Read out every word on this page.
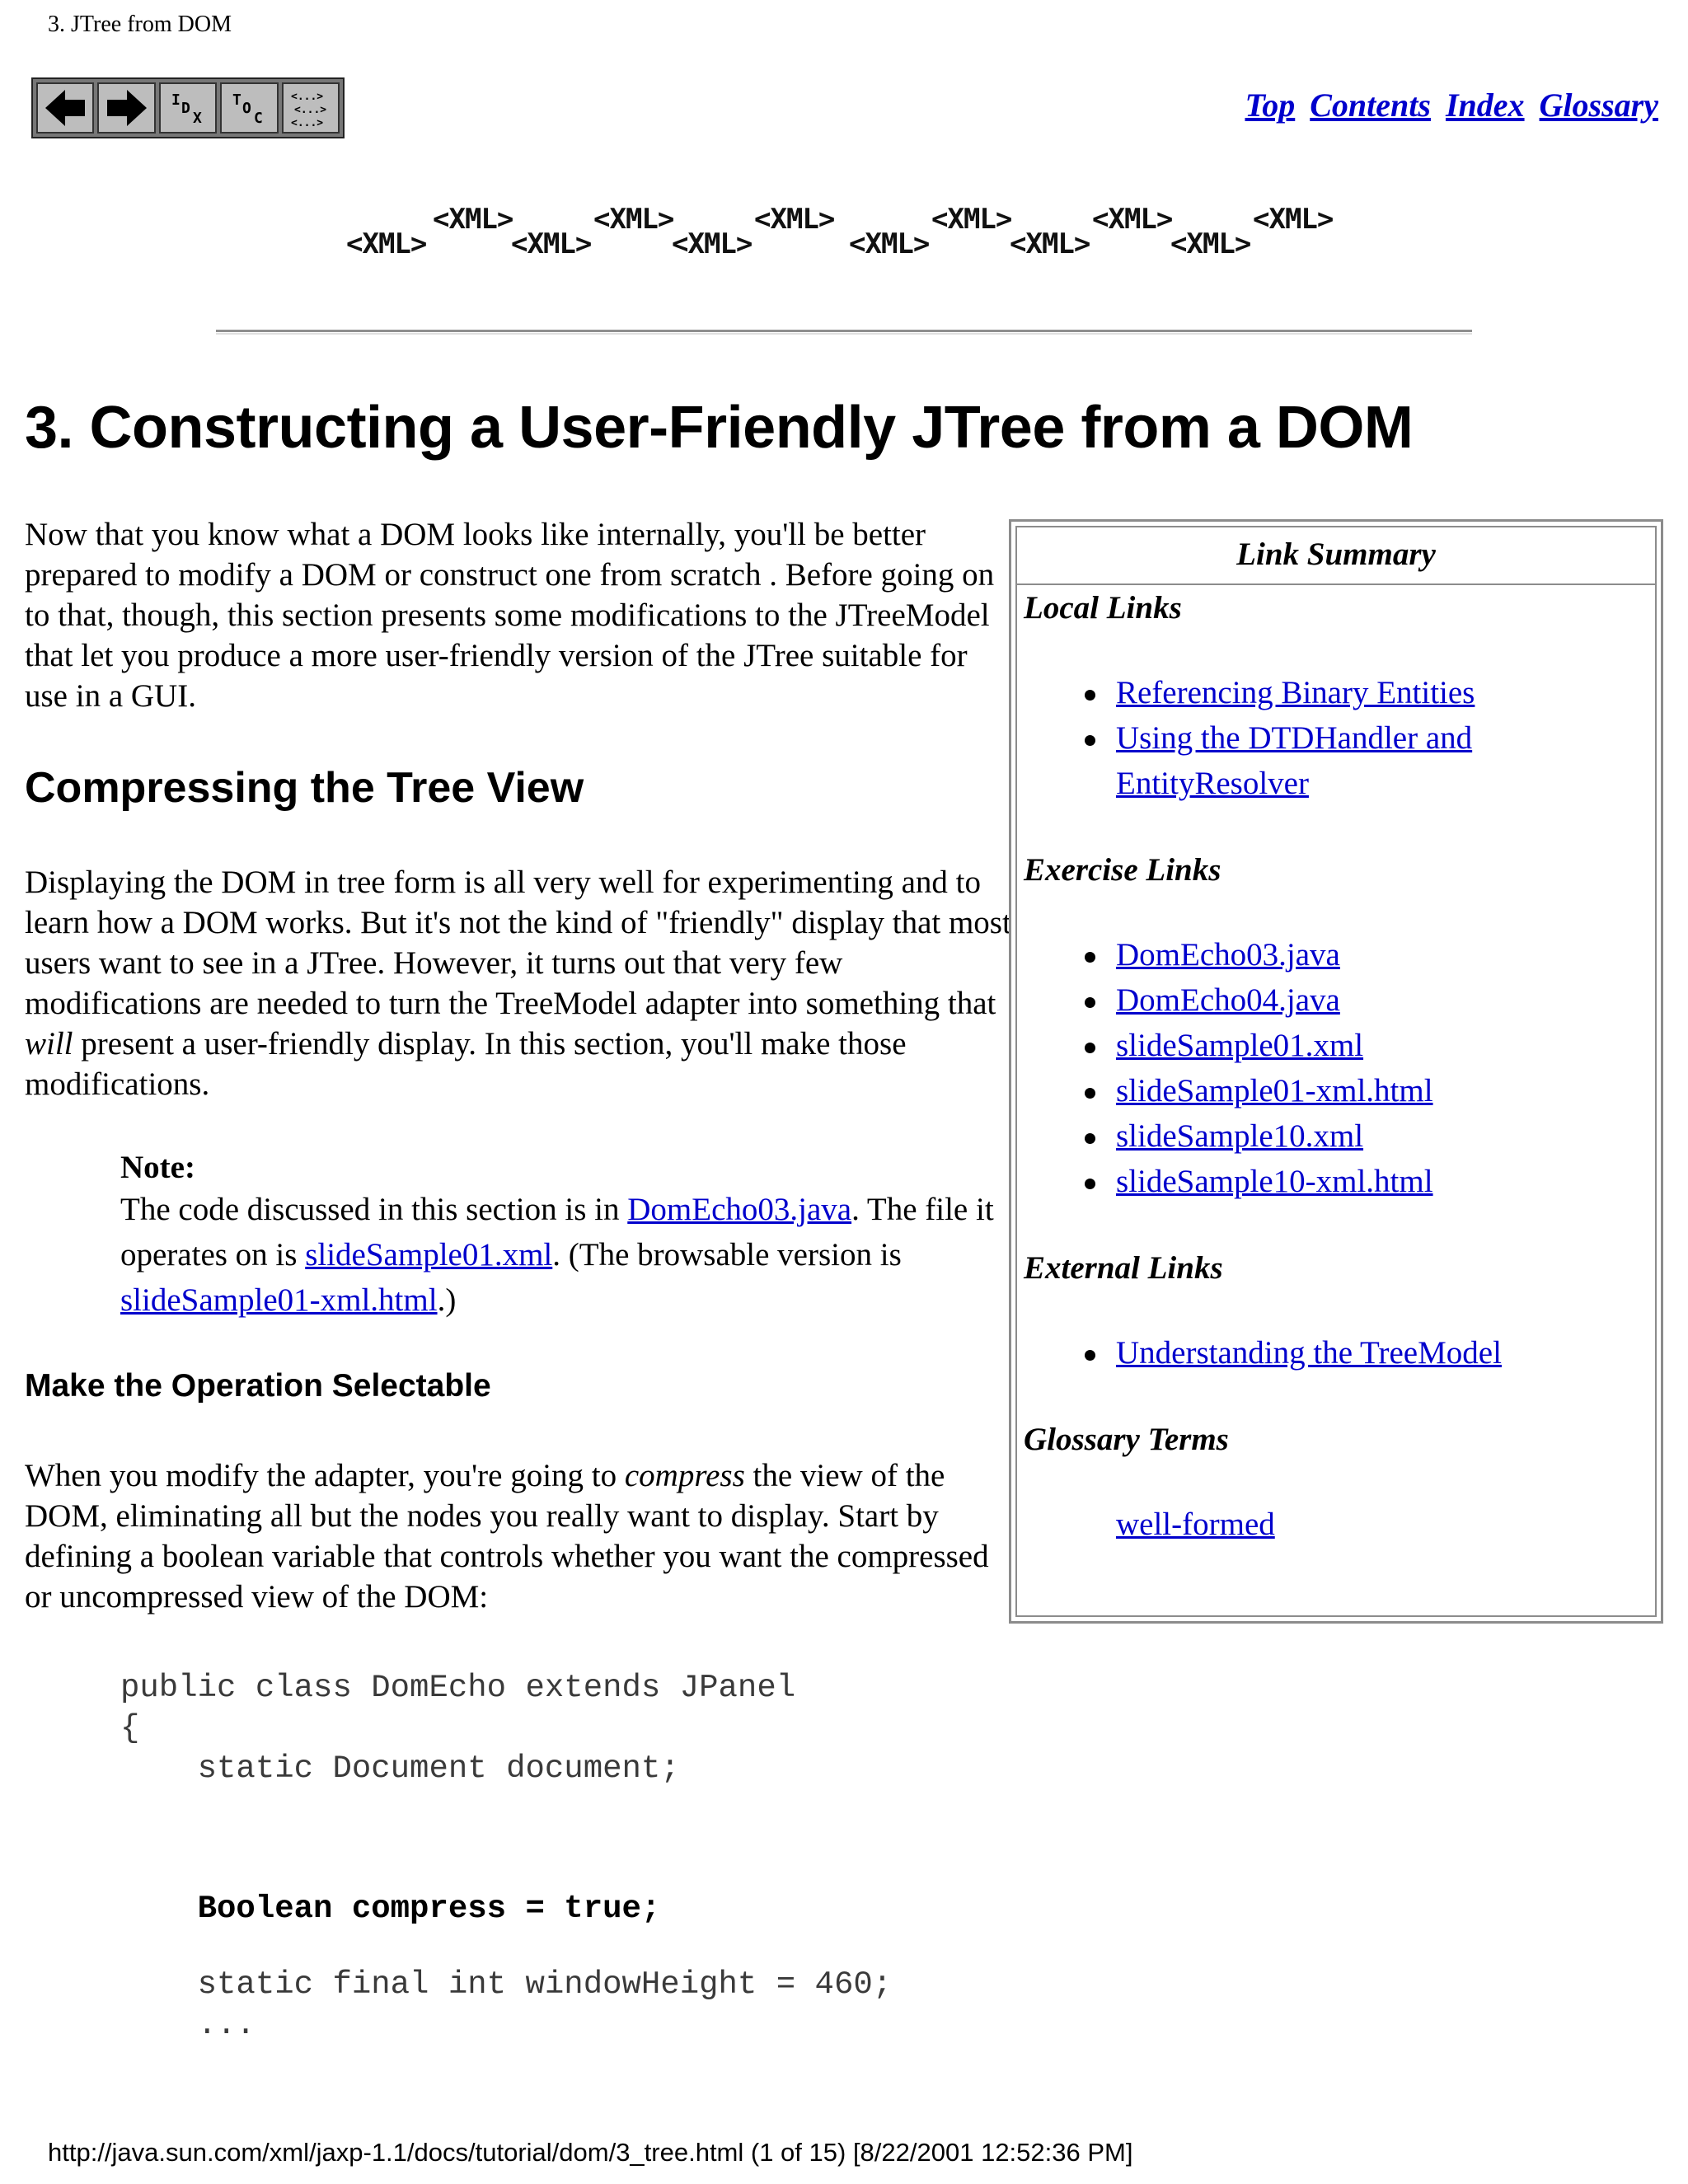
3. JTree from DOM
I D
X
T O
C
<...>
<...>
<...>	Top Contents Index Glossary
<XML>
<XML>
<XML>
<XML>
<XML>
<XML>
<XML>
<XML>
<XML>
<XML>
<XML>
<XML>
3. Constructing a User-Friendly JTree from a DOM
Now that you know what a DOM looks like internally, you'll be better prepared to modify a DOM or construct one from scratch . Before going on to that, though, this section presents some modifications to the JTreeModel that let you produce a more user-friendly version of the JTree suitable for use in a GUI.
Compressing the Tree View
Displaying the DOM in tree form is all very well for experimenting and to learn how a DOM works. But it's not the kind of "friendly" display that most users want to see in a JTree. However, it turns out that very few modifications are needed to turn the TreeModel adapter into something that will present a user-friendly display. In this section, you'll make those modifications.
Note:
The code discussed in this section is in DomEcho03.java. The file it operates on is slideSample01.xml. (The browsable version is slideSample01-xml.html.)
Make the Operation Selectable
When you modify the adapter, you're going to compress the view of the DOM, eliminating all but the nodes you really want to display. Start by defining a boolean variable that controls whether you want the compressed or uncompressed view of the DOM:
public class DomEcho extends JPanel
{
static Document document;
Boolean compress = true;
static final int windowHeight = 460;
...
Link Summary

Local Links

Referencing Binary Entities
Using the DTDHandler and EntityResolver

Exercise Links

DomEcho03.java
DomEcho04.java
slideSample01.xml
slideSample01-xml.html
slideSample10.xml
slideSample10-xml.html

External Links

Understanding the TreeModel

Glossary Terms

well-formed

http://java.sun.com/xml/jaxp-1.1/docs/tutorial/dom/3_tree.html (1 of 15) [8/22/2001 12:52:36 PM]
